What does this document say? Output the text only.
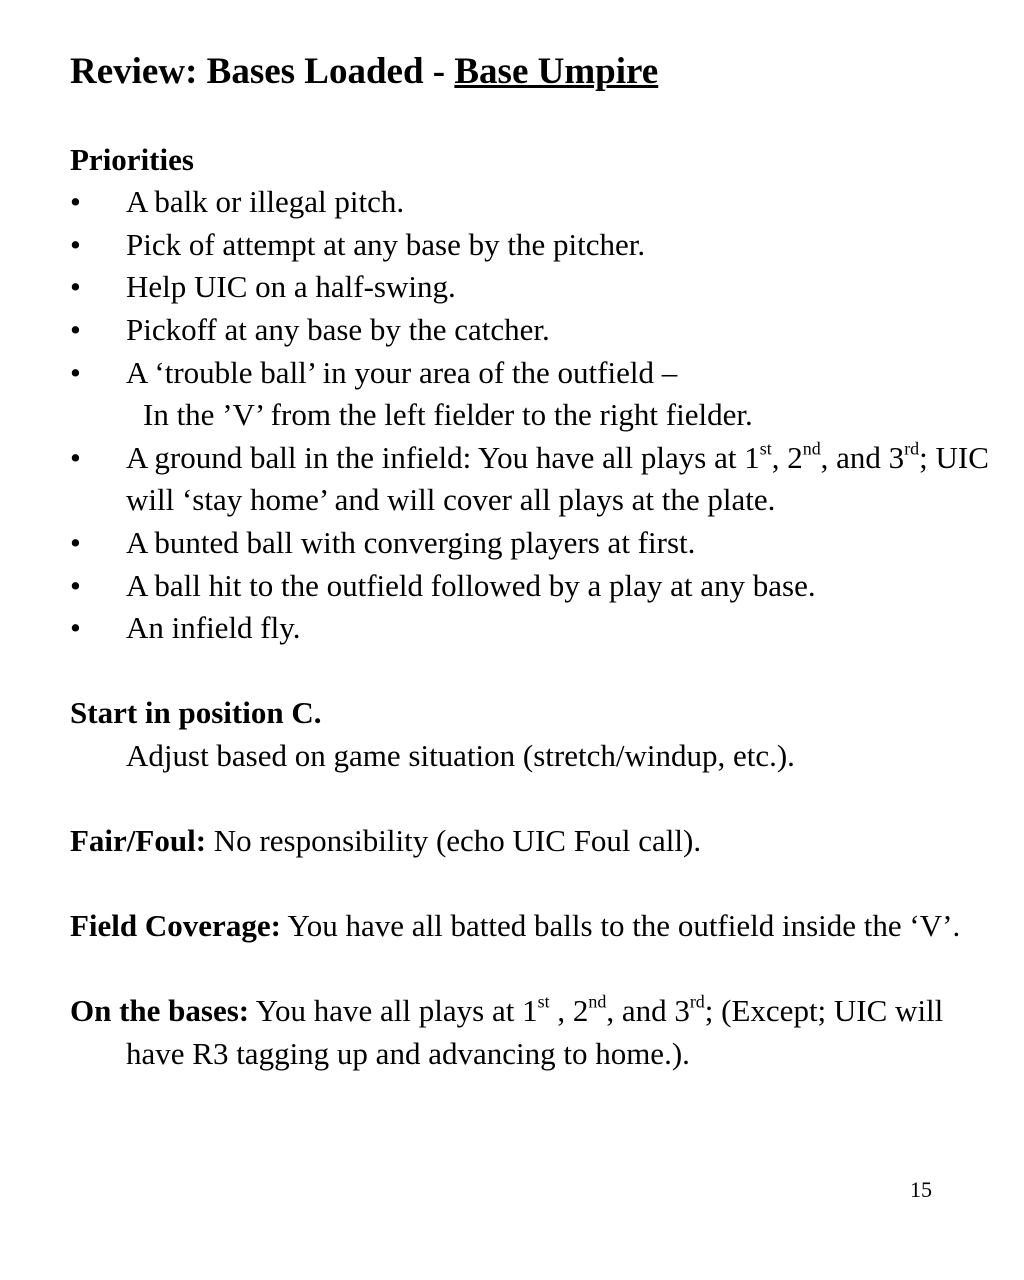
Review: Bases Loaded - Base Umpire
Priorities
• A balk or illegal pitch.
• Pick of attempt at any base by the pitcher.
• Help UIC on a half-swing.
• Pickoff at any base by the catcher.
• A ‘trouble ball’ in your area of the outfield –
In the ’V’ from the left fielder to the right fielder.
• A ground ball in the infield: You have all plays at 1st, 2nd, and 3rd; UIC will ‘stay home’ and will cover all plays at the plate.
• A bunted ball with converging players at first.
• A ball hit to the outfield followed by a play at any base.
• An infield fly.
Start in position C.
Adjust based on game situation (stretch/windup, etc.).
Fair/Foul: No responsibility (echo UIC Foul call).
Field Coverage: You have all batted balls to the outfield inside the ‘V’.
On the bases: You have all plays at 1st , 2nd, and 3rd; (Except; UIC will have R3 tagging up and advancing to home.).
15
